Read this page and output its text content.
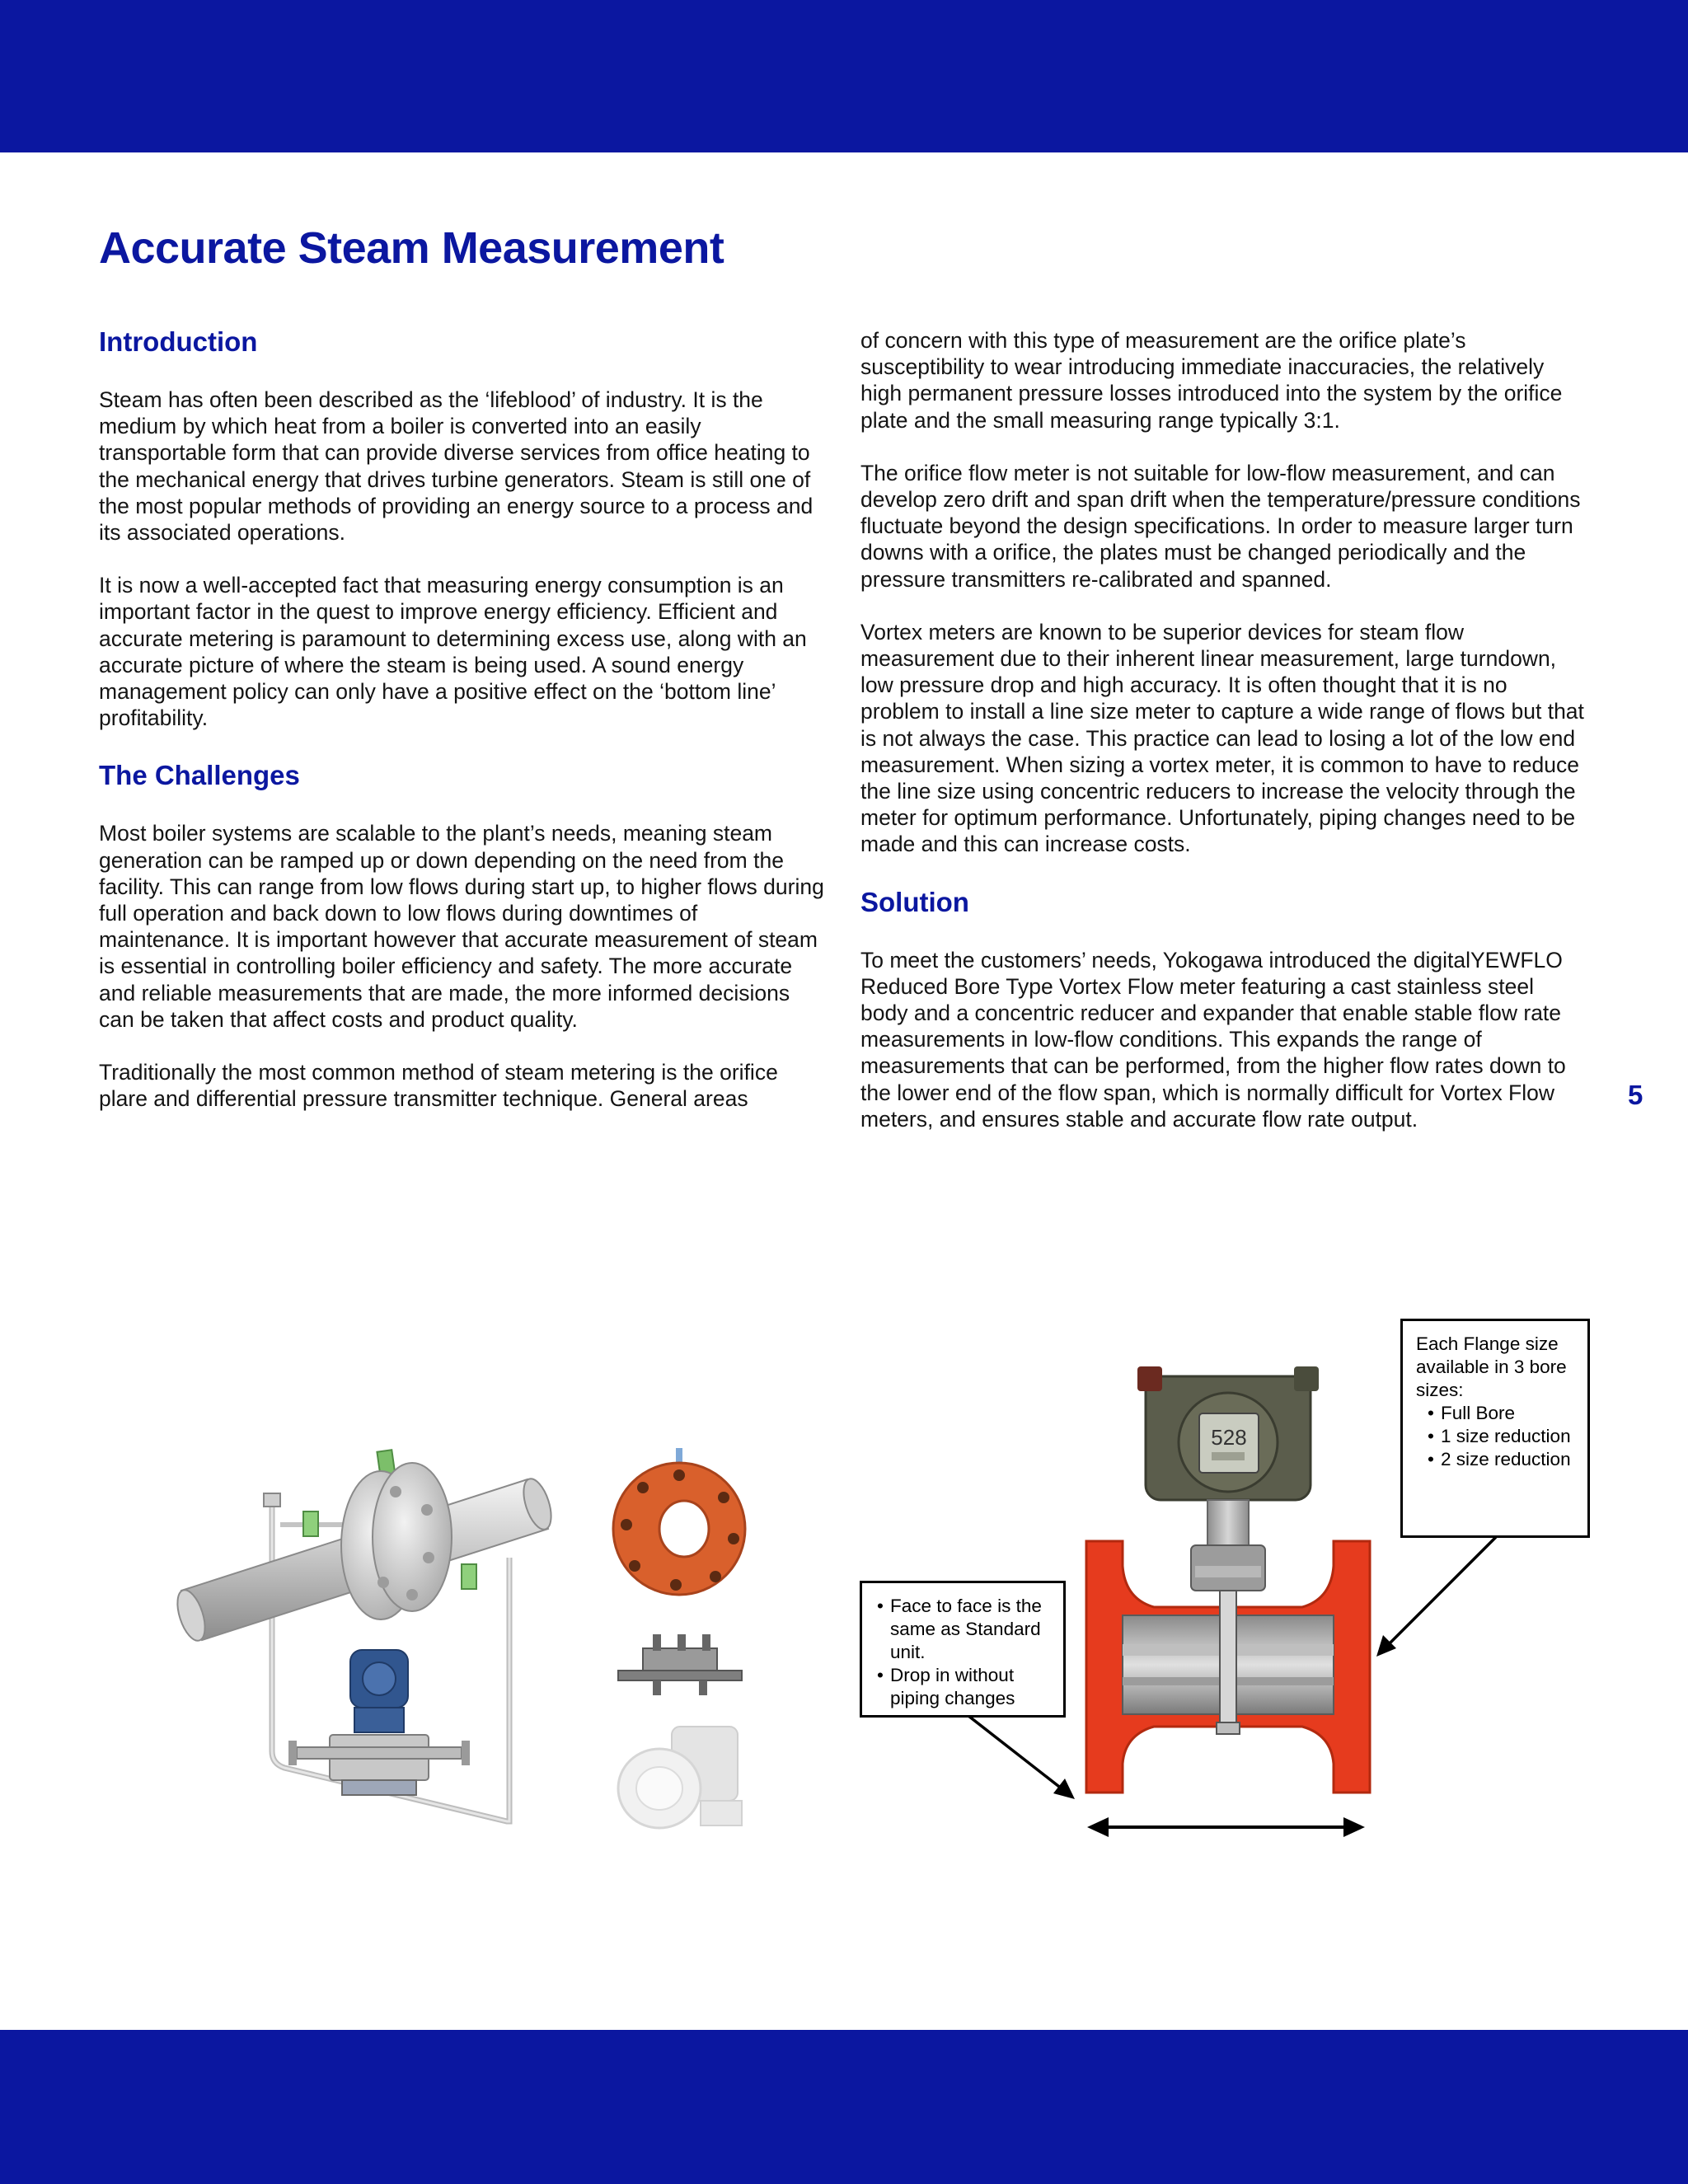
Accurate Steam Measurement
Introduction

Steam has often been described as the ‘lifeblood’ of industry. It is the medium by which heat from a boiler is converted into an easily transportable form that can provide diverse services from office heating to the mechanical energy that drives turbine generators. Steam is still one of the most popular methods of providing an energy source to a process and its associated operations.

It is now a well-accepted fact that measuring energy consumption is an important factor in the quest to improve energy efficiency. Efficient and accurate metering is paramount to determining excess use, along with an accurate picture of where the steam is being used. A sound energy management policy can only have a positive effect on the ‘bottom line’ profitability.

The Challenges

Most boiler systems are scalable to the plant’s needs, meaning steam generation can be ramped up or down depending on the need from the facility. This can range from low flows during start up, to higher flows during full operation and back down to low flows during downtimes of maintenance. It is important however that accurate measurement of steam is essential in controlling boiler efficiency and safety. The more accurate and reliable measurements that are made, the more informed decisions can be taken that affect costs and product quality.

Traditionally the most common method of steam metering is the orifice plare and differential pressure transmitter technique. General areas

of concern with this type of measurement are the orifice plate’s susceptibility to wear introducing immediate inaccuracies, the relatively high permanent pressure losses introduced into the system by the orifice plate and the small measuring range typically 3:1.

The orifice flow meter is not suitable for low-flow measurement, and can develop zero drift and span drift when the temperature/pressure conditions fluctuate beyond the design specifications. In order to measure larger turn downs with a orifice, the plates must be changed periodically and the pressure transmitters re-calibrated and spanned.

Vortex meters are known to be superior devices for steam flow measurement due to their inherent linear measurement, large turndown, low pressure drop and high accuracy. It is often thought that it is no problem to install a line size meter to capture a wide range of flows but that is not always the case. This practice can lead to losing a lot of the low end measurement. When sizing a vortex meter, it is common to have to reduce the line size using concentric reducers to increase the velocity through the meter for optimum performance. Unfortunately, piping changes need to be made and this can increase costs.

Solution

To meet the customers’ needs, Yokogawa introduced the digitalYEWFLO Reduced Bore Type Vortex Flow meter featuring a cast stainless steel body and a concentric reducer and expander that enable stable flow rate measurements in low-flow conditions. This expands the range of measurements that can be performed, from the higher flow rates down to the lower end of the flow span, which is normally difficult for Vortex Flow meters, and ensures stable and accurate flow rate output.

5
528
• Face to face is the same as Standard unit.
• Drop in without piping changes
Each Flange size available in 3 bore sizes:
• Full Bore
• 1 size reduction
• 2 size reduction
